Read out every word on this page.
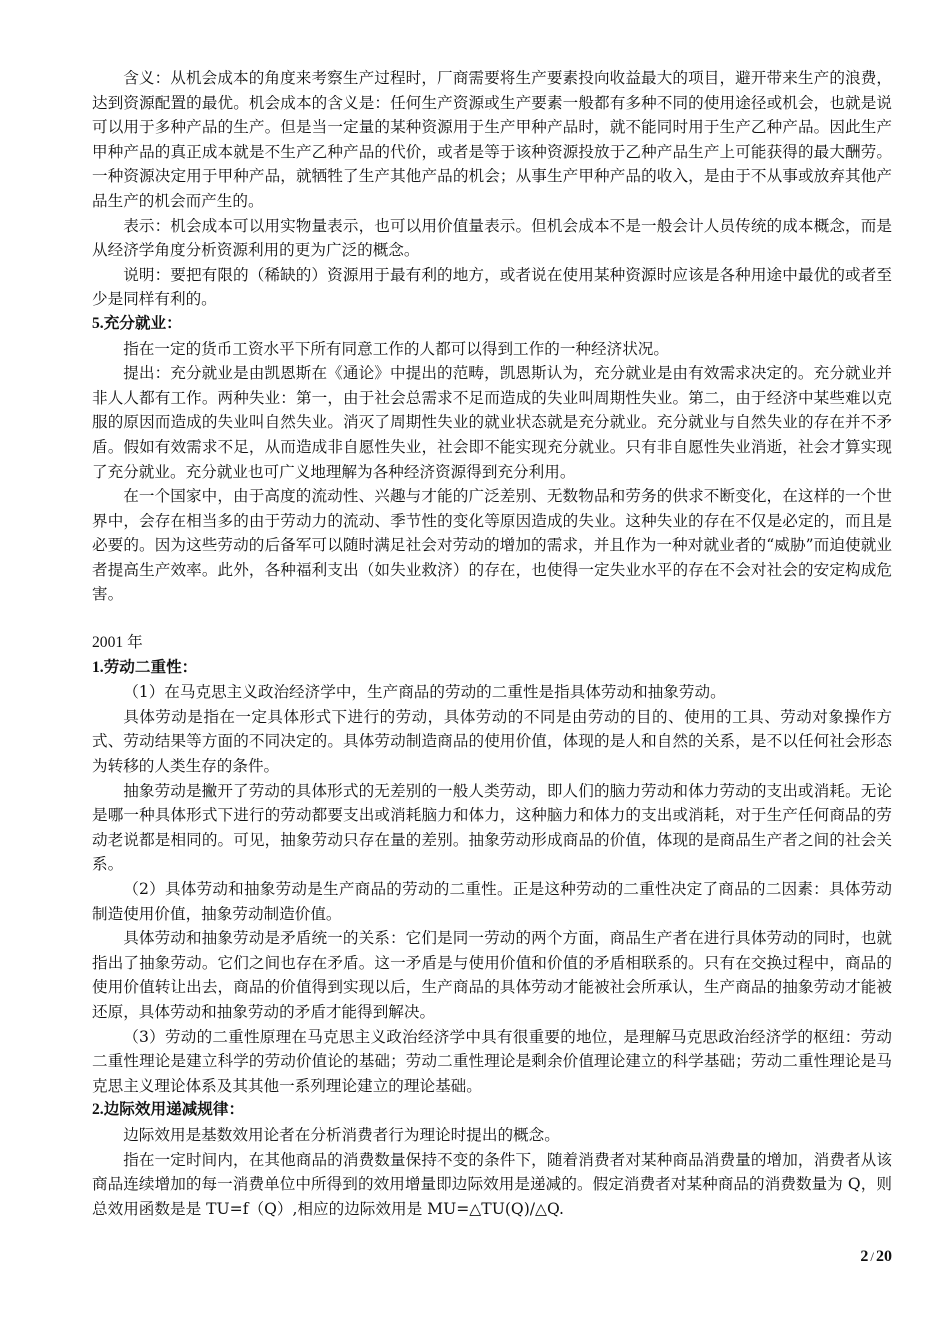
含义：从机会成本的角度来考察生产过程时，厂商需要将生产要素投向收益最大的项目，避开带来生产的浪费，达到资源配置的最优。机会成本的含义是：任何生产资源或生产要素一般都有多种不同的使用途径或机会，也就是说可以用于多种产品的生产。但是当一定量的某种资源用于生产甲种产品时，就不能同时用于生产乙种产品。因此生产甲种产品的真正成本就是不生产乙种产品的代价，或者是等于该种资源投放于乙种产品生产上可能获得的最大酬劳。一种资源决定用于甲种产品，就牺牲了生产其他产品的机会；从事生产甲种产品的收入，是由于不从事或放弃其他产品生产的机会而产生的。

表示：机会成本可以用实物量表示，也可以用价值量表示。但机会成本不是一般会计人员传统的成本概念，而是从经济学角度分析资源利用的更为广泛的概念。

说明：要把有限的（稀缺的）资源用于最有利的地方，或者说在使用某种资源时应该是各种用途中最优的或者至少是同样有利的。

5.充分就业：

指在一定的货币工资水平下所有同意工作的人都可以得到工作的一种经济状况。

提出：充分就业是由凯恩斯在《通论》中提出的范畴，凯恩斯认为，充分就业是由有效需求决定的。充分就业并非人人都有工作。两种失业：第一，由于社会总需求不足而造成的失业叫周期性失业。第二，由于经济中某些难以克服的原因而造成的失业叫自然失业。消灭了周期性失业的就业状态就是充分就业。充分就业与自然失业的存在并不矛盾。假如有效需求不足，从而造成非自愿性失业，社会即不能实现充分就业。只有非自愿性失业消逝，社会才算实现了充分就业。充分就业也可广义地理解为各种经济资源得到充分利用。

在一个国家中，由于高度的流动性、兴趣与才能的广泛差别、无数物品和劳务的供求不断变化，在这样的一个世界中，会存在相当多的由于劳动力的流动、季节性的变化等原因造成的失业。这种失业的存在不仅是必定的，而且是必要的。因为这些劳动的后备军可以随时满足社会对劳动的增加的需求，并且作为一种对就业者的“威胁”而迫使就业者提高生产效率。此外，各种福利支出（如失业救济）的存在，也使得一定失业水平的存在不会对社会的安定构成危害。

2001 年

1.劳动二重性：

（1）在马克思主义政治经济学中，生产商品的劳动的二重性是指具体劳动和抽象劳动。

具体劳动是指在一定具体形式下进行的劳动，具体劳动的不同是由劳动的目的、使用的工具、劳动对象操作方式、劳动结果等方面的不同决定的。具体劳动制造商品的使用价值，体现的是人和自然的关系，是不以任何社会形态为转移的人类生存的条件。

抽象劳动是撇开了劳动的具体形式的无差别的一般人类劳动，即人们的脑力劳动和体力劳动的支出或消耗。无论是哪一种具体形式下进行的劳动都要支出或消耗脑力和体力，这种脑力和体力的支出或消耗，对于生产任何商品的劳动老说都是相同的。可见，抽象劳动只存在量的差别。抽象劳动形成商品的价值，体现的是商品生产者之间的社会关系。

（2）具体劳动和抽象劳动是生产商品的劳动的二重性。正是这种劳动的二重性决定了商品的二因素：具体劳动制造使用价值，抽象劳动制造价值。

具体劳动和抽象劳动是矛盾统一的关系：它们是同一劳动的两个方面，商品生产者在进行具体劳动的同时，也就指出了抽象劳动。它们之间也存在矛盾。这一矛盾是与使用价值和价值的矛盾相联系的。只有在交换过程中，商品的使用价值转让出去，商品的价值得到实现以后，生产商品的具体劳动才能被社会所承认，生产商品的抽象劳动才能被还原，具体劳动和抽象劳动的矛盾才能得到解决。

（3）劳动的二重性原理在马克思主义政治经济学中具有很重要的地位，是理解马克思政治经济学的枢纽：劳动二重性理论是建立科学的劳动价值论的基础；劳动二重性理论是剩余价值理论建立的科学基础；劳动二重性理论是马克思主义理论体系及其其他一系列理论建立的理论基础。

2.边际效用递减规律：

边际效用是基数效用论者在分析消费者行为理论时提出的概念。

指在一定时间内，在其他商品的消费数量保持不变的条件下，随着消费者对某种商品消费量的增加，消费者从该商品连续增加的每一消费单位中所得到的效用增量即边际效用是递减的。假定消费者对某种商品的消费数量为 Q，则总效用函数是是 TU=f（Q）,相应的边际效用是 MU=△TU(Q)/△Q.

2 / 20
